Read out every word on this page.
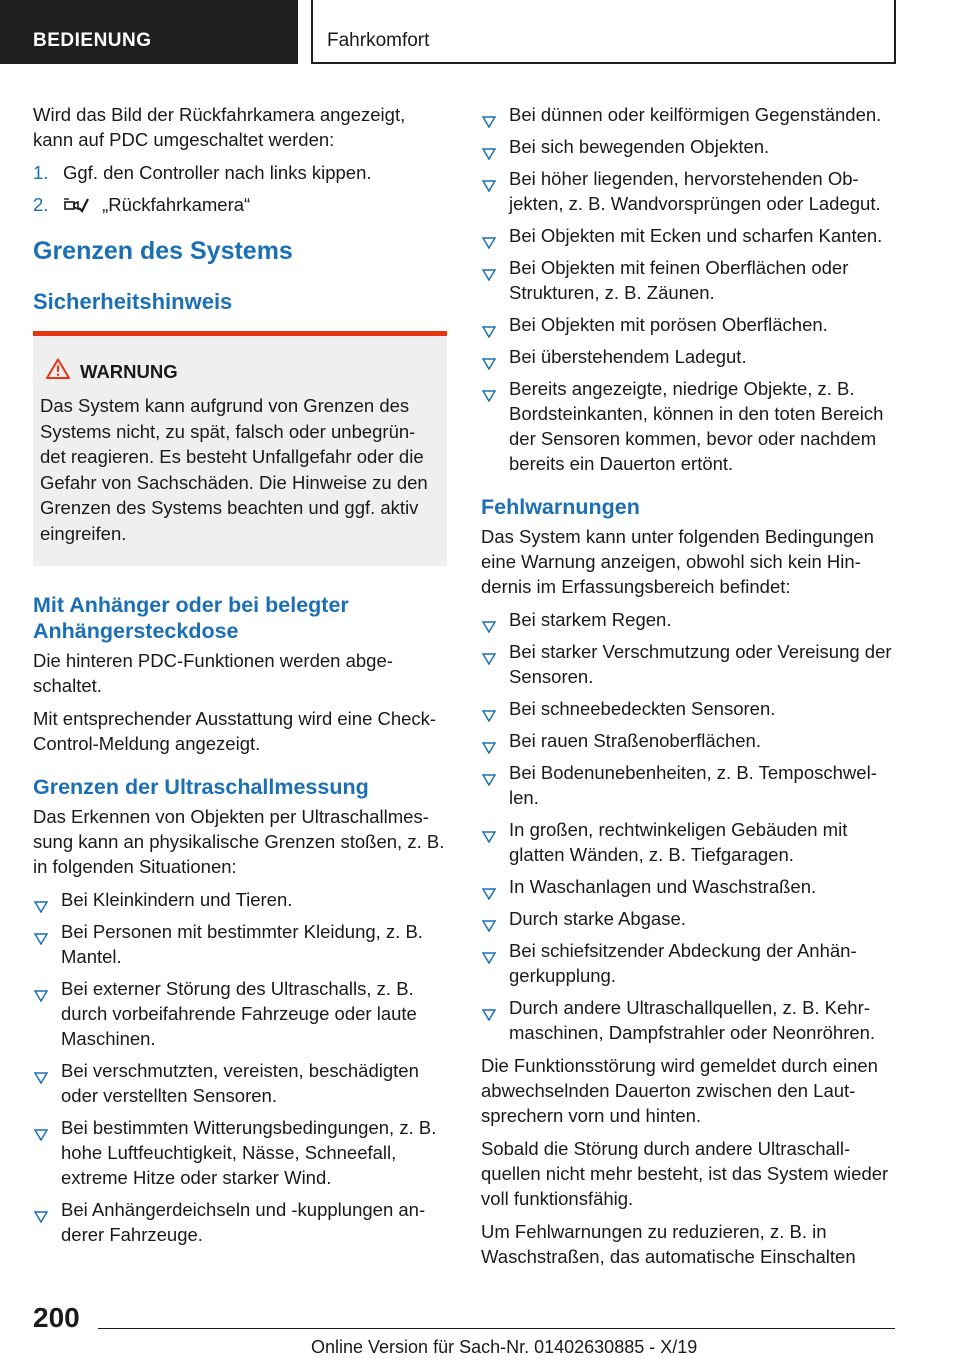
BEDIENUNG	Fahrkomfort

Wird das Bild der Rückfahrkamera angezeigt, kann auf PDC umgeschaltet werden:

1. Ggf. den Controller nach links kippen.
2.	„Rückfahrkamera“
Grenzen des Systems
Sicherheitshinweis
WARNUNG
Das System kann aufgrund von Grenzen des Systems nicht, zu spät, falsch oder unbegründet reagieren. Es besteht Unfallgefahr oder die Gefahr von Sachschäden. Die Hinweise zu den Grenzen des Systems beachten und ggf. aktiv eingreifen.
Mit Anhänger oder bei belegter Anhängersteckdose

Die hinteren PDC-Funktionen werden abgeschaltet.

Mit entsprechender Ausstattung wird eine Check-Control-Meldung angezeigt.

Grenzen der Ultraschallmessung

Das Erkennen von Objekten per Ultraschallmessung kann an physikalische Grenzen stoßen, z. B. in folgenden Situationen:

Bei Kleinkindern und Tieren.
Bei Personen mit bestimmter Kleidung, z. B. Mantel.
Bei externer Störung des Ultraschalls, z. B. durch vorbeifahrende Fahrzeuge oder laute Maschinen.
Bei verschmutzten, vereisten, beschädigten oder verstellten Sensoren.
Bei bestimmten Witterungsbedingungen, z. B. hohe Luftfeuchtigkeit, Nässe, Schneefall, extreme Hitze oder starker Wind.
Bei Anhängerdeichseln und -kupplungen anderer Fahrzeuge.
Bei dünnen oder keilförmigen Gegenständen.
Bei sich bewegenden Objekten.
Bei höher liegenden, hervorstehenden Objekten, z. B. Wandvorsprüngen oder Ladegut.
Bei Objekten mit Ecken und scharfen Kanten.
Bei Objekten mit feinen Oberflächen oder Strukturen, z. B. Zäunen.
Bei Objekten mit porösen Oberflächen.
Bei überstehendem Ladegut.
Bereits angezeigte, niedrige Objekte, z. B. Bordsteinkanten, können in den toten Bereich der Sensoren kommen, bevor oder nachdem bereits ein Dauerton ertönt.
Fehlwarnungen

Das System kann unter folgenden Bedingungen eine Warnung anzeigen, obwohl sich kein Hindernis im Erfassungsbereich befindet:

Bei starkem Regen.
Bei starker Verschmutzung oder Vereisung der Sensoren.
Bei schneebedeckten Sensoren.
Bei rauen Straßenoberflächen.
Bei Bodenunebenheiten, z. B. Temposchwellen.
In großen, rechtwinkeligen Gebäuden mit glatten Wänden, z. B. Tiefgaragen.
In Waschanlagen und Waschstraßen.
Durch starke Abgase.
Bei schiefsitzender Abdeckung der Anhängerkupplung.
Durch andere Ultraschallquellen, z. B. Kehrmaschinen, Dampfstrahler oder Neonröhren.

Die Funktionsstörung wird gemeldet durch einen abwechselnden Dauerton zwischen den Lautsprechern vorn und hinten.

Sobald die Störung durch andere Ultraschallquellen nicht mehr besteht, ist das System wieder voll funktionsfähig.

Um Fehlwarnungen zu reduzieren, z. B. in Waschstraßen, das automatische Einschalten

200
Online Version für Sach-Nr. 01402630885 - X/19
